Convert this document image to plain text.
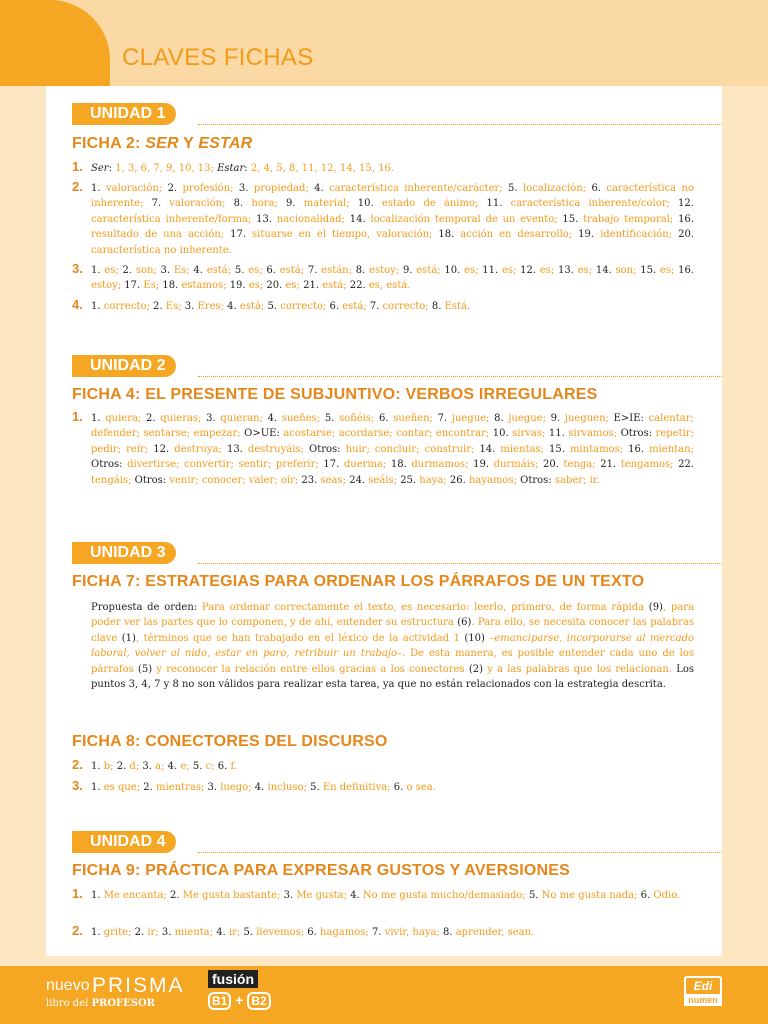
CLAVES FICHAS
UNIDAD 1
FICHA 2: SER Y ESTAR
1. Ser: 1, 3, 6, 7, 9, 10, 13; Estar: 2, 4, 5, 8, 11, 12, 14, 15, 16.
2. 1. valoración; 2. profesión; 3. propiedad; 4. característica inherente/carácter; 5. localización; 6. característica no inherente; 7. valoración; 8. hora; 9. material; 10. estado de ánimo; 11. característica inherente/color; 12. característica inherente/forma; 13. nacionalidad; 14. localización temporal de un evento; 15. trabajo temporal; 16. resultado de una acción; 17. situarse en el tiempo, valoración; 18. acción en desarrollo; 19. identificación; 20. característica no inherente.
3. 1. es; 2. son; 3. Es; 4. está; 5. es; 6. está; 7. están; 8. estoy; 9. está; 10. es; 11. es; 12. es; 13. es; 14. son; 15. es; 16. estoy; 17. Es; 18. estamos; 19. es; 20. es; 21. está; 22. es, está.
4. 1. correcto; 2. Es; 3. Eres; 4. está; 5. correcto; 6. está; 7. correcto; 8. Está.
UNIDAD 2
FICHA 4: EL PRESENTE DE SUBJUNTIVO: VERBOS IRREGULARES
1. 1. quiera; 2. quieras; 3. quieran; 4. sueñes; 5. soñéis; 6. sueñen; 7. juegue; 8. juegue; 9. jueguen; E>IE: calentar; defender; sentarse; empezar; O>UE: acostarse; acordarse; contar; encontrar; 10. sirvas; 11. sirvamos; Otros: repetir; pedir; reír; 12. destruya; 13. destruyáis; Otros: huir; concluir; construir; 14. mientas; 15. mintamos; 16. mientan; Otros: divertirse; convertir; sentir; preferir; 17. duerma; 18. durmamos; 19. durmáis; 20. tenga; 21. tengamos; 22. tengáis; Otros: venir; conocer; valer; oír; 23. seas; 24. seáis; 25. haya; 26. hayamos; Otros: saber; ir.
UNIDAD 3
FICHA 7: ESTRATEGIAS PARA ORDENAR LOS PÁRRAFOS DE UN TEXTO
Propuesta de orden: Para ordenar correctamente el texto, es necesario: leerlo, primero, de forma rápida (9), para poder ver las partes que lo componen, y de ahí, entender su estructura (6). Para ello, se necesita conocer las palabras clave (1), términos que se han trabajado en el léxico de la actividad 1 (10) –emanciparse, incorporarse al mercado laboral, volver al nido, estar en paro, retribuir un trabajo–. De esta manera, es posible entender cada uno de los párrafos (5) y reconocer la relación entre ellos gracias a los conectores (2) y a las palabras que los relacionan. Los puntos 3, 4, 7 y 8 no son válidos para realizar esta tarea, ya que no están relacionados con la estrategia descrita.
FICHA 8: CONECTORES DEL DISCURSO
2. 1. b; 2. d; 3. a; 4. e; 5. c; 6. f.
3. 1. es que; 2. mientras; 3. luego; 4. incluso; 5. En definitiva; 6. o sea.
UNIDAD 4
FICHA 9: PRÁCTICA PARA EXPRESAR GUSTOS Y AVERSIONES
1. 1. Me encanta; 2. Me gusta bastante; 3. Me gusta; 4. No me gusta mucho/demasiado; 5. No me gusta nada; 6. Odio.
2. 1. grite; 2. ir; 3. mienta; 4. ir; 5. llevemos; 6. hagamos; 7. vivir, haya; 8. aprender, sean.
nuevo PRISMA
libro del PROFESOR
fusión
B1 + B2
Edi
numen
